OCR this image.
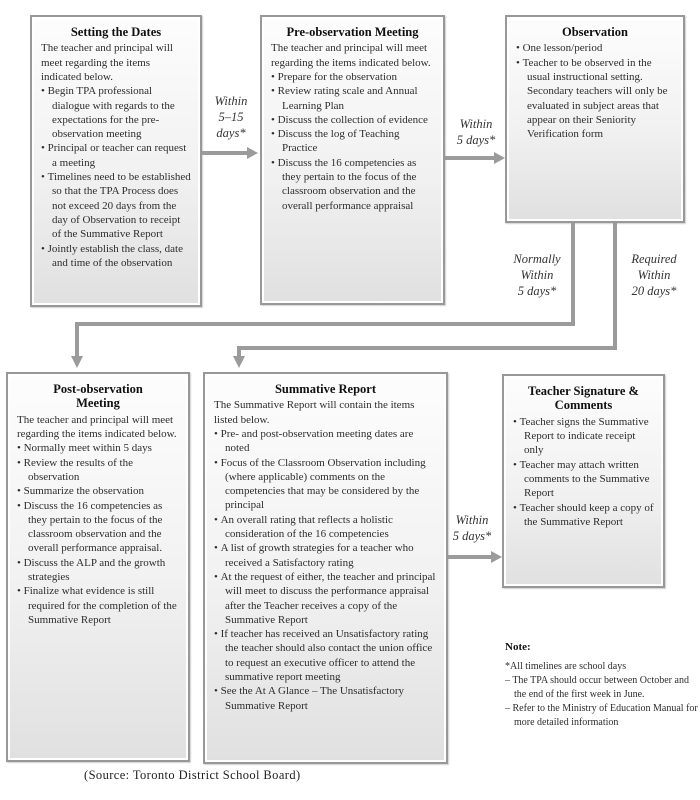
Setting the Dates
The teacher and principal will meet regarding the items indicated below.
• Begin TPA professional dialogue with regards to the expectations for the pre-observation meeting
• Principal or teacher can request a meeting
• Timelines need to be established so that the TPA Process does not exceed 20 days from the day of Observation to receipt of the Summative Report
• Jointly establish the class, date and time of the observation
Pre-observation Meeting
The teacher and principal will meet regarding the items indicated below.
• Prepare for the observation
• Review rating scale and Annual Learning Plan
• Discuss the collection of evidence
• Discuss the log of Teaching Practice
• Discuss the 16 competencies as they pertain to the focus of the classroom observation and the overall performance appraisal
Observation
• One lesson/period
• Teacher to be observed in the usual instructional setting. Secondary teachers will only be evaluated in subject areas that appear on their Seniority Verification form
Post-observation Meeting
The teacher and principal will meet regarding the items indicated below.
• Normally meet within 5 days
• Review the results of the observation
• Summarize the observation
• Discuss the 16 competencies as they pertain to the focus of the classroom observation and the overall performance appraisal.
• Discuss the ALP and the growth strategies
• Finalize what evidence is still required for the completion of the Summative Report
Summative Report
The Summative Report will contain the items listed below.
• Pre- and post-observation meeting dates are noted
• Focus of the Classroom Observation including (where applicable) comments on the competencies that may be considered by the principal
• An overall rating that reflects a holistic consideration of the 16 competencies
• A list of growth strategies for a teacher who received a Satisfactory rating
• At the request of either, the teacher and principal will meet to discuss the performance appraisal after the Teacher receives a copy of the Summative Report
• If teacher has received an Unsatisfactory rating the teacher should also contact the union office to request an executive officer to attend the summative report meeting
• See the At A Glance – The Unsatisfactory Summative Report
Teacher Signature & Comments
• Teacher signs the Summative Report to indicate receipt only
• Teacher may attach written comments to the Summative Report
• Teacher should keep a copy of the Summative Report
Within
5–15
days*
Within
5 days*
Normally
Within
5 days*
Required
Within
20 days*
Within
5 days*
Note:
*All timelines are school days
– The TPA should occur between October and the end of the first week in June.
– Refer to the Ministry of Education Manual for more detailed information
(Source: Toronto District School Board)
